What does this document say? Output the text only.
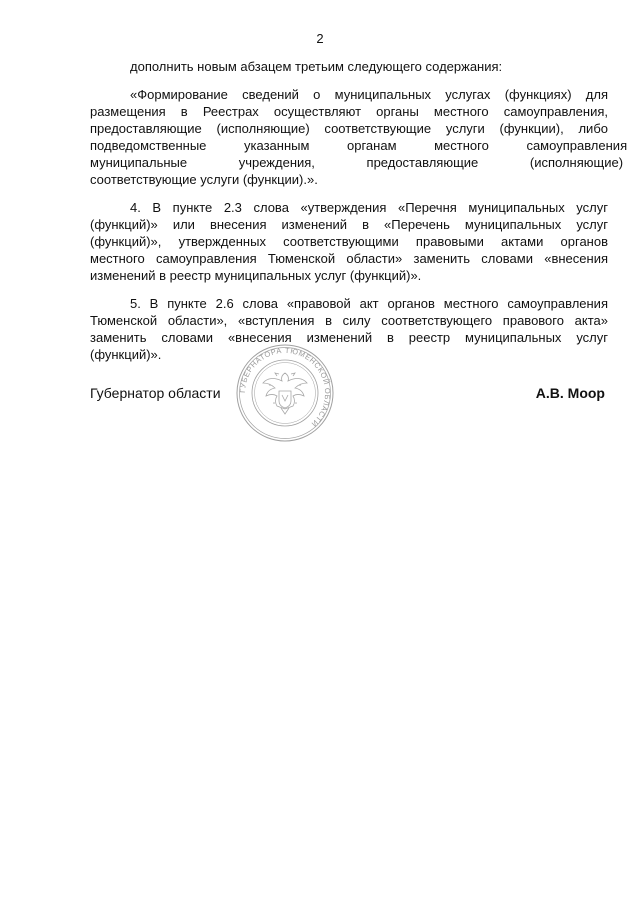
2

дополнить новым абзацем третьим следующего содержания:

«Формирование сведений о муниципальных услугах (функциях) для
размещения в Реестрах осуществляют органы местного самоуправления,
предоставляющие (исполняющие) соответствующие услуги (функции), либо
подведомственные указанным органам местного самоуправления
муниципальные учреждения, предоставляющие (исполняющие)
соответствующие услуги (функции).».

4. В пункте 2.3 слова «утверждения «Перечня муниципальных услуг
(функций)» или внесения изменений в «Перечень муниципальных услуг
(функций)», утвержденных соответствующими правовыми актами органов
местного самоуправления Тюменской области» заменить словами «внесения
изменений в реестр муниципальных услуг (функций)».

5. В пункте 2.6 слова «правовой акт органов местного самоуправления
Тюменской области», «вступления в силу соответствующего правового акта»
заменить словами «внесения изменений в реестр муниципальных услуг
(функций)».

ГУБЕРНАТОРА ТЮМЕНСКОЙ ОБЛАСТИ
Губернатор области	А.В. Моор
